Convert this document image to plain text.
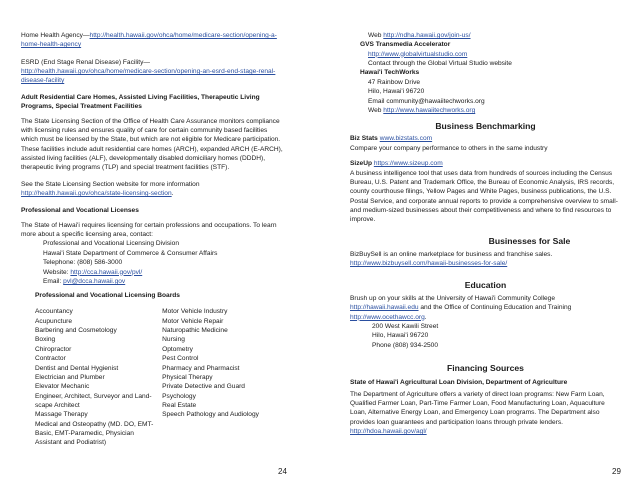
Home Health Agency—http://health.hawaii.gov/ohca/home/medicare-section/opening-a-home-health-agency

ESRD (End Stage Renal Disease) Facility—http://health.hawaii.gov/ohca/home/medicare-section/opening-an-esrd-end-stage-renal-disease-facility

Adult Residential Care Homes, Assisted Living Facilities, Therapeutic Living Programs, Special Treatment Facilities

The State Licensing Section of the Office of Health Care Assurance monitors compliance with licensing rules and ensures quality of care for certain community based facilities which must be licensed by the State, but which are not eligible for Medicare participation. These facilities include adult residential care homes (ARCH), expanded ARCH (E-ARCH), assisted living facilities (ALF), developmentally disabled domiciliary homes (DDDH), therapeutic living programs (TLP) and special treatment facilities (STF).

See the State Licensing Section website for more information http://health.hawaii.gov/ohca/state-licensing-section.

Professional and Vocational Licenses

The State of Hawai'i requires licensing for certain professions and occupations. To learn more about a specific licensing area, contact:

Professional and Vocational Licensing Division

Hawai'i State Department of Commerce & Consumer Affairs

Telephone: (808) 586-3000

Website: http://cca.hawaii.gov/pvl/

Email: pvl@dcca.hawaii.gov

Professional and Vocational Licensing Boards

Accountancy

Acupuncture

Barbering and Cosmetology

Boxing

Chiropractor

Contractor

Dentist and Dental Hygienist

Electrician and Plumber

Elevator Mechanic

Engineer, Architect, Surveyor and Land-scape Architect

Massage Therapy

Medical and Osteopathy (MD. DO, EMT-Basic, EMT-Paramedic, Physician Assistant and Podiatrist)

Motor Vehicle Industry

Motor Vehicle Repair

Naturopathic Medicine

Nursing

Optometry

Pest Control

Pharmacy and Pharmacist

Physical Therapy

Private Detective and Guard

Psychology

Real Estate

Speech Pathology and Audiology

24

Web http://ndha.hawaii.gov/join-us/

GVS Transmedia Accelerator

http://www.globalvirtualstudio.com

Contact through the Global Virtual Studio website

Hawai'i TechWorks

47 Rainbow Drive

Hilo, Hawai'i 96720

Email community@hawaiitechworks.org

Web http://www.hawaiitechworks.org

Business Benchmarking

Biz Stats www.bizstats.com

Compare your company performance to others in the same industry

SizeUp https://www.sizeup.com

A business intelligence tool that uses data from hundreds of sources including the Census Bureau, U.S. Patent and Trademark Office, the Bureau of Economic Analysis, IRS records, county courthouse filings, Yellow Pages and White Pages, business publications, the U.S. Postal Service, and corporate annual reports to provide a comprehensive overview to small- and medium-sized businesses about their competitiveness and where to find resources to improve.

Businesses for Sale

BizBuySell is an online marketplace for business and franchise sales.

http://www.bizbuysell.com/hawaii-businesses-for-sale/

Education

Brush up on your skills at the University of Hawai'i Community College http://hawaii.hawaii.edu and the Office of Continuing Education and Training http://www.ocethawcc.org.

200 West Kawili Street

Hilo, Hawai'i 96720

Phone (808) 934-2500

Financing Sources

State of Hawai'i Agricultural Loan Division, Department of Agriculture

The Department of Agriculture offers a variety of direct loan programs: New Farm Loan, Qualified Farmer Loan, Part-Time Farmer Loan, Food Manufacturing Loan, Aquaculture Loan, Alternative Energy Loan, and Emergency Loan programs. The Department also provides loan guarantees and participation loans through private lenders. http://hdoa.hawaii.gov/agl/

29
